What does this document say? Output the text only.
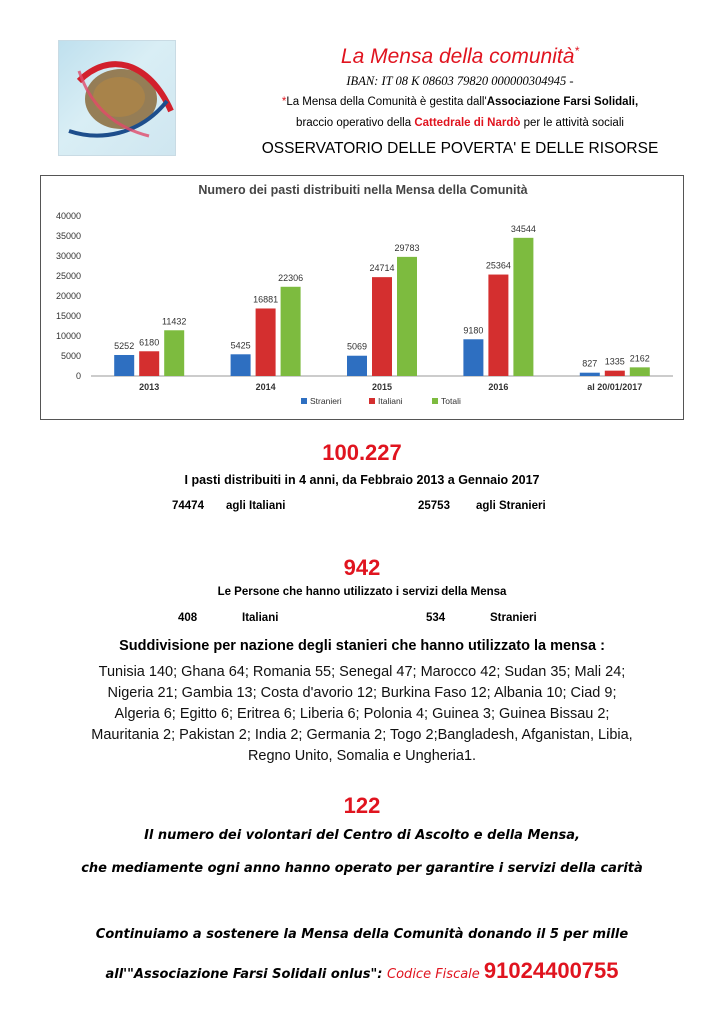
La Mensa della comunità*
IBAN: IT 08 K 08603 79820 000000304945 -
*La Mensa della Comunità è gestita dall'Associazione Farsi Solidali,
braccio operativo della Cattedrale di Nardò per le attività sociali
OSSERVATORIO DELLE POVERTA' E DELLE RISORSE
Numero dei pasti distribuiti nella Mensa della Comunità
0
5000
10000
15000
20000
25000
30000
35000
40000
2013
5252 6180
11432
2014
5425
16881
22306
2015
5069
24714
29783
2016
9180
25364
34544
al 20/01/2017
827 1335 2162
Stranieri	Italiani	Totali
100.227
I pasti distribuiti in 4 anni, da Febbraio 2013 a Gennaio 2017
74474 agli Italiani	25753 agli Stranieri
942
Le Persone che hanno utilizzato i servizi della Mensa
408	Italiani	534	Stranieri
Suddivisione per nazione degli stanieri che hanno utilizzato la mensa :
Tunisia 140; Ghana 64; Romania 55; Senegal 47; Marocco 42; Sudan 35; Mali 24;
Nigeria 21; Gambia 13; Costa d'avorio 12; Burkina Faso 12; Albania 10; Ciad 9;
Algeria 6; Egitto 6; Eritrea 6; Liberia 6; Polonia 4; Guinea 3; Guinea Bissau 2;
Mauritania 2; Pakistan 2; India 2; Germania 2; Togo 2;Bangladesh, Afganistan, Libia,
Regno Unito, Somalia e Ungheria1.
122
Il numero dei volontari del Centro di Ascolto e della Mensa,
che mediamente ogni anno hanno operato per garantire i servizi della carità
Continuiamo a sostenere la Mensa della Comunità donando il 5 per mille
all'"Associazione Farsi Solidali onlus": Codice Fiscale 91024400755
